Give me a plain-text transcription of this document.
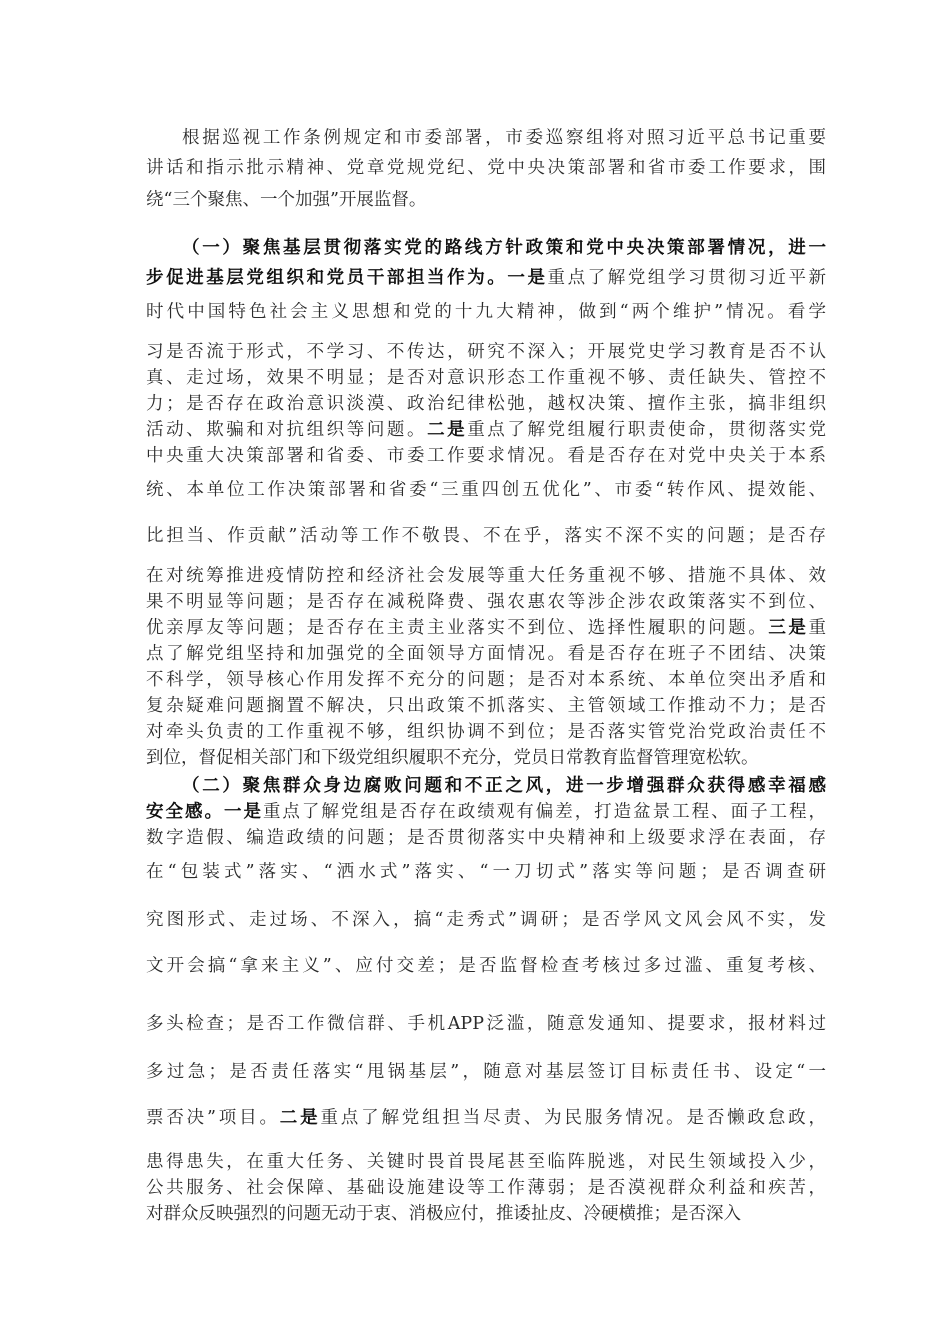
根据巡视工作条例规定和市委部署，市委巡察组将对照习近平总书记重要
讲话和指示批示精神、党章党规党纪、党中央决策部署和省市委工作要求，围
绕“三个聚焦、一个加强”开展监督。
（一）聚焦基层贯彻落实党的路线方针政策和党中央决策部署情况，进一
步促进基层党组织和党员干部担当作为。一是重点了解党组学习贯彻习近平新
时代中国特色社会主义思想和党的十九大精神，做到“两个维护”情况。看学
习是否流于形式，不学习、不传达，研究不深入；开展党史学习教育是否不认
真、走过场，效果不明显；是否对意识形态工作重视不够、责任缺失、管控不
力；是否存在政治意识淡漠、政治纪律松弛，越权决策、擅作主张，搞非组织
活动、欺骗和对抗组织等问题。二是重点了解党组履行职责使命，贯彻落实党
中央重大决策部署和省委、市委工作要求情况。看是否存在对党中央关于本系
统、本单位工作决策部署和省委“三重四创五优化”、市委“转作风、提效能、
比担当、作贡献”活动等工作不敬畏、不在乎，落实不深不实的问题；是否存
在对统筹推进疫情防控和经济社会发展等重大任务重视不够、措施不具体、效
果不明显等问题；是否存在减税降费、强农惠农等涉企涉农政策落实不到位、
优亲厚友等问题；是否存在主责主业落实不到位、选择性履职的问题。三是重
点了解党组坚持和加强党的全面领导方面情况。看是否存在班子不团结、决策
不科学，领导核心作用发挥不充分的问题；是否对本系统、本单位突出矛盾和
复杂疑难问题搁置不解决，只出政策不抓落实、主管领域工作推动不力；是否
对牵头负责的工作重视不够，组织协调不到位；是否落实管党治党政治责任不
到位，督促相关部门和下级党组织履职不充分，党员日常教育监督管理宽松软。
（二）聚焦群众身边腐败问题和不正之风，进一步增强群众获得感幸福感
安全感。一是重点了解党组是否存在政绩观有偏差，打造盆景工程、面子工程，
数字造假、编造政绩的问题；是否贯彻落实中央精神和上级要求浮在表面，存
在“包装式”落实、“洒水式”落实、“一刀切式”落实等问题；是否调查研
究图形式、走过场、不深入，搞“走秀式”调研；是否学风文风会风不实，发
文开会搞“拿来主义”、应付交差；是否监督检查考核过多过滥、重复考核、
多头检查；是否工作微信群、手机APP泛滥，随意发通知、提要求，报材料过
多过急；是否责任落实“甩锅基层”，随意对基层签订目标责任书、设定“一
票否决”项目。二是重点了解党组担当尽责、为民服务情况。是否懒政怠政，
患得患失，在重大任务、关键时畏首畏尾甚至临阵脱逃，对民生领域投入少，
公共服务、社会保障、基础设施建设等工作薄弱；是否漠视群众利益和疾苦，
对群众反映强烈的问题无动于衷、消极应付，推诿扯皮、冷硬横推；是否深入
